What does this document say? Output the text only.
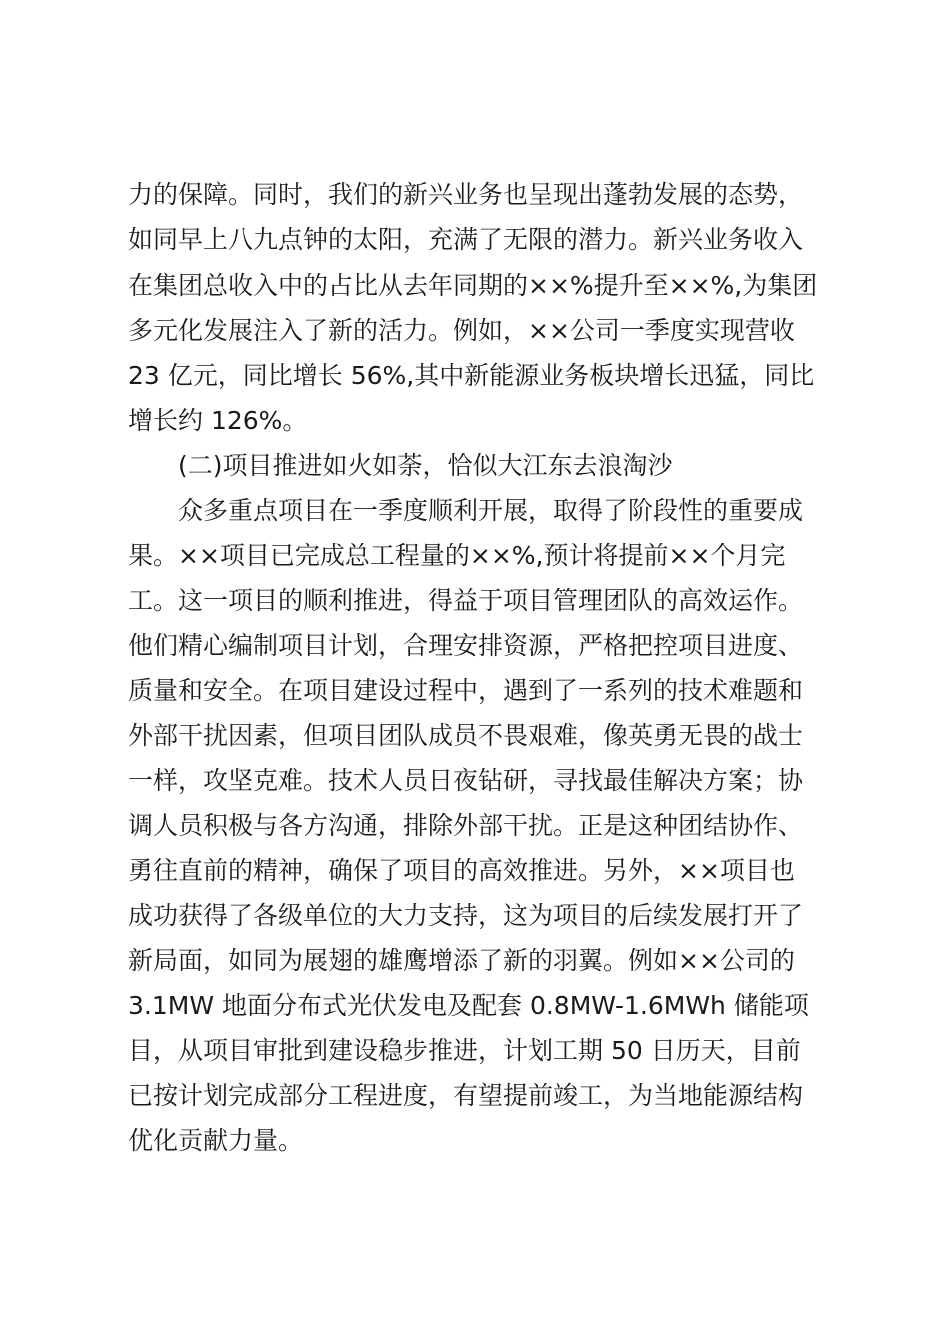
力的保障。同时，我们的新兴业务也呈现出蓬勃发展的态势，
如同早上八九点钟的太阳，充满了无限的潜力。新兴业务收入
在集团总收入中的占比从去年同期的××%提升至××%,为集团
多元化发展注入了新的活力。例如，××公司一季度实现营收
23 亿元，同比增长 56%,其中新能源业务板块增长迅猛，同比
增长约 126%。
(二)项目推进如火如荼，恰似大江东去浪淘沙
众多重点项目在一季度顺利开展，取得了阶段性的重要成
果。××项目已完成总工程量的××%,预计将提前××个月完
工。这一项目的顺利推进，得益于项目管理团队的高效运作。
他们精心编制项目计划，合理安排资源，严格把控项目进度、
质量和安全。在项目建设过程中，遇到了一系列的技术难题和
外部干扰因素，但项目团队成员不畏艰难，像英勇无畏的战士
一样，攻坚克难。技术人员日夜钻研，寻找最佳解决方案；协
调人员积极与各方沟通，排除外部干扰。正是这种团结协作、
勇往直前的精神，确保了项目的高效推进。另外，××项目也
成功获得了各级单位的大力支持，这为项目的后续发展打开了
新局面，如同为展翅的雄鹰增添了新的羽翼。例如××公司的
3.1MW 地面分布式光伏发电及配套 0.8MW-1.6MWh 储能项
目，从项目审批到建设稳步推进，计划工期 50 日历天，目前
已按计划完成部分工程进度，有望提前竣工，为当地能源结构
优化贡献力量。
